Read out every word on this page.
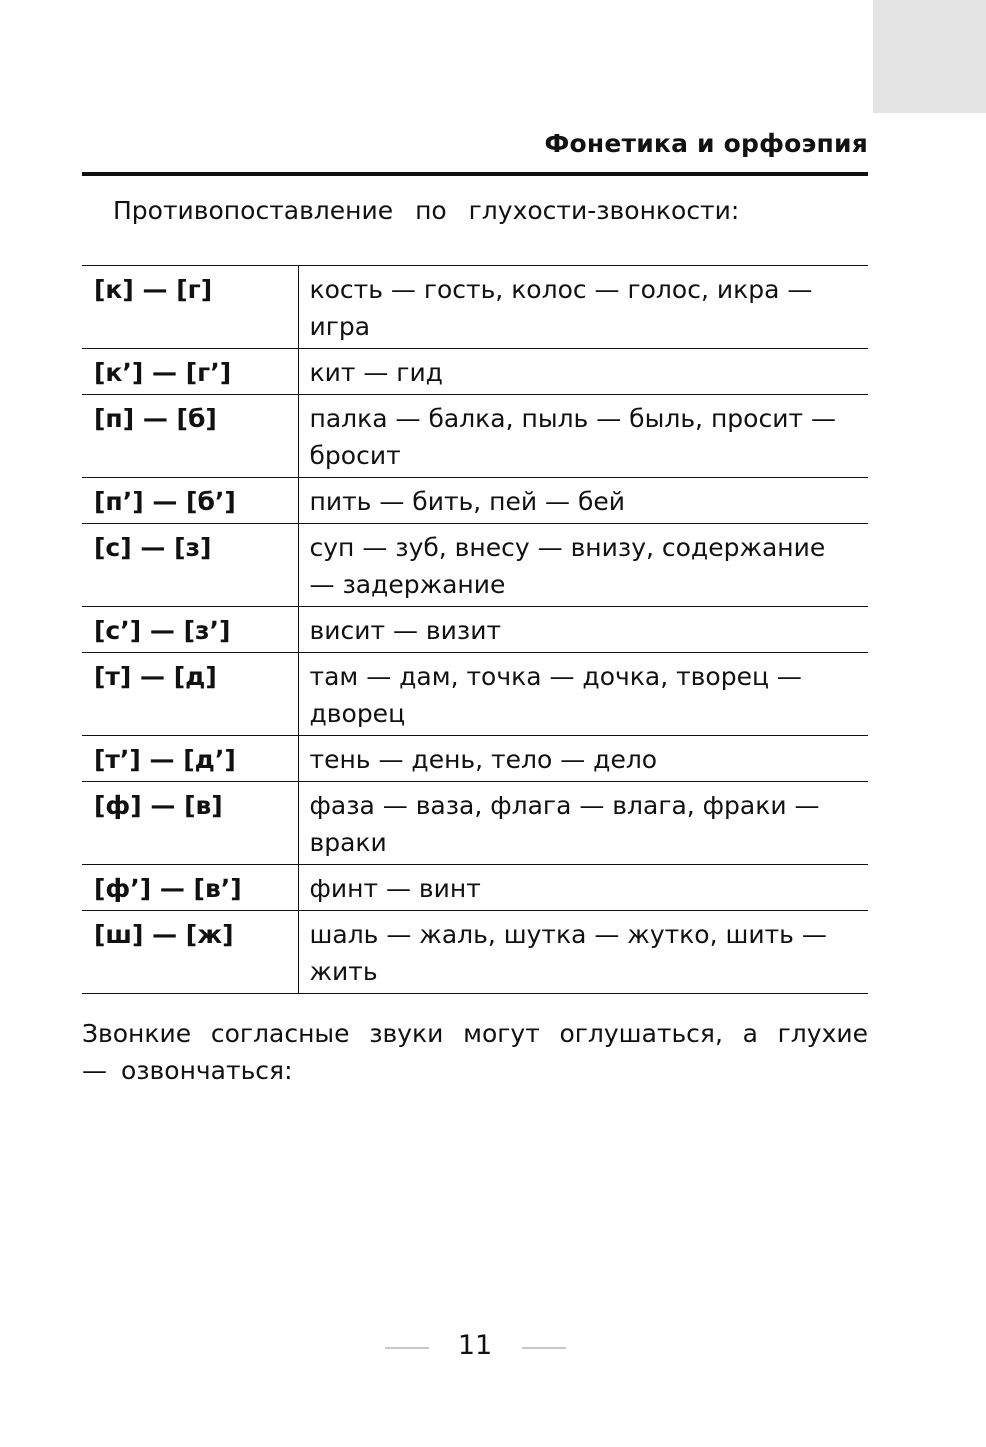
Фонетика и орфоэпия
Противопоставление по глухости-звонкости:
[к] — [г]	кость — гость, колос — голос, икра — игра
[кʼ] — [гʼ]	кит — гид
[п] — [б]	палка — балка, пыль — быль, просит — бросит
[пʼ] — [бʼ]	пить — бить, пей — бей
[с] — [з]	суп — зуб, внесу — внизу, содержание — задержание
[сʼ] — [зʼ]	висит — визит
[т] — [д]	там — дам, точка — дочка, творец — дворец
[тʼ] — [дʼ]	тень — день, тело — дело
[ф] — [в]	фаза — ваза, флага — влага, фраки — враки
[фʼ] — [вʼ]	финт — винт
[ш] — [ж]	шаль — жаль, шутка — жутко, шить — жить
Звонкие согласные звуки могут оглушаться, а глухие — озвончаться:
11
